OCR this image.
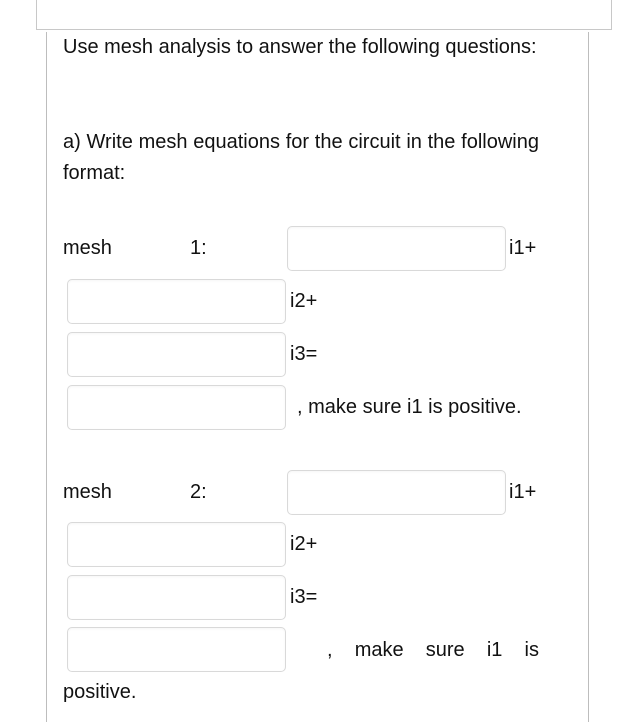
Use mesh analysis to answer the following questions:

a) Write mesh equations for the circuit in the following format:

mesh	1:	i1+
i2+
i3=
, make sure i1 is positive.
mesh	2:	i1+
i2+
i3=
, make sure i1 is
positive.
